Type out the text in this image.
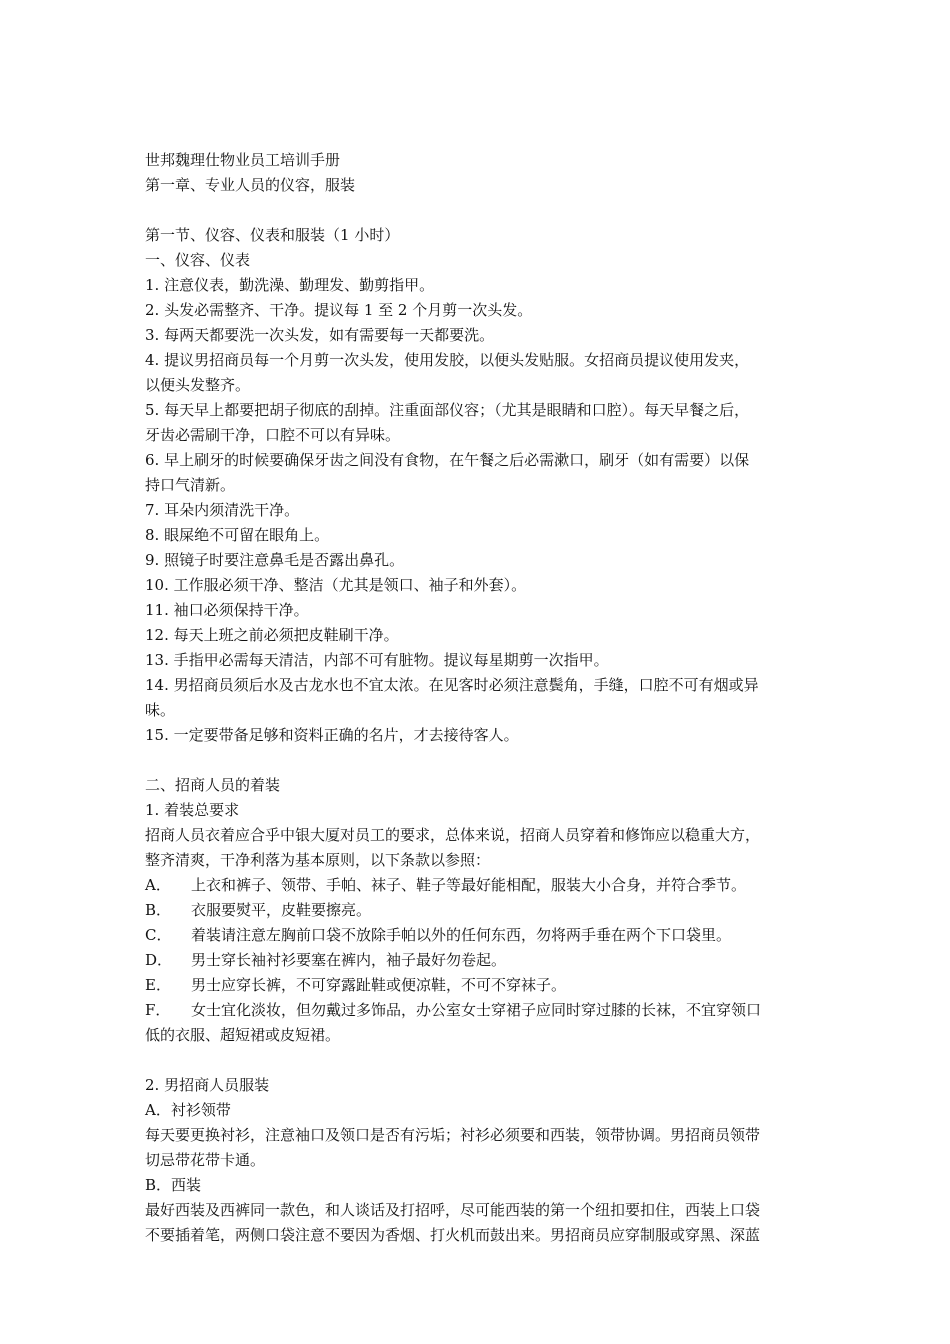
世邦魏理仕物业员工培训手册
第一章、专业人员的仪容，服装
第一节、仪容、仪表和服装（1 小时）
一、仪容、仪表
1. 注意仪表，勤洗澡、勤理发、勤剪指甲。
2. 头发必需整齐、干净。提议每 1 至 2 个月剪一次头发。
3. 每两天都要洗一次头发，如有需要每一天都要洗。
4. 提议男招商员每一个月剪一次头发，使用发胶，以便头发贴服。女招商员提议使用发夹，
以便头发整齐。
5. 每天早上都要把胡子彻底的刮掉。注重面部仪容；（尤其是眼睛和口腔）。每天早餐之后，
牙齿必需刷干净，口腔不可以有异味。
6. 早上刷牙的时候要确保牙齿之间没有食物，在午餐之后必需漱口，刷牙（如有需要）以保
持口气清新。
7. 耳朵内须清洗干净。
8. 眼屎绝不可留在眼角上。
9. 照镜子时要注意鼻毛是否露出鼻孔。
10. 工作服必须干净、整洁（尤其是领口、袖子和外套）。
11. 袖口必须保持干净。
12. 每天上班之前必须把皮鞋刷干净。
13. 手指甲必需每天清洁，内部不可有脏物。提议每星期剪一次指甲。
14. 男招商员须后水及古龙水也不宜太浓。在见客时必须注意鬓角，手缝，口腔不可有烟或异
味。
15. 一定要带备足够和资料正确的名片，才去接待客人。
二、招商人员的着装
1. 着装总要求
招商人员衣着应合乎中银大厦对员工的要求，总体来说，招商人员穿着和修饰应以稳重大方，
整齐清爽，干净利落为基本原则，以下条款以参照：
A． 上衣和裤子、领带、手帕、袜子、鞋子等最好能相配，服装大小合身，并符合季节。
B． 衣服要熨平，皮鞋要擦亮。
C． 着装请注意左胸前口袋不放除手帕以外的任何东西，勿将两手垂在两个下口袋里。
D． 男士穿长袖衬衫要塞在裤内，袖子最好勿卷起。
E． 男士应穿长裤，不可穿露趾鞋或便凉鞋，不可不穿袜子。
F． 女士宜化淡妆，但勿戴过多饰品，办公室女士穿裙子应同时穿过膝的长袜，不宜穿领口
低的衣服、超短裙或皮短裙。
2. 男招商人员服装
A．衬衫领带
每天要更换衬衫，注意袖口及领口是否有污垢；衬衫必须要和西装，领带协调。男招商员领带
切忌带花带卡通。
B．西装
最好西装及西裤同一款色，和人谈话及打招呼，尽可能西装的第一个纽扣要扣住，西装上口袋
不要插着笔，两侧口袋注意不要因为香烟、打火机而鼓出来。男招商员应穿制服或穿黑、深蓝
